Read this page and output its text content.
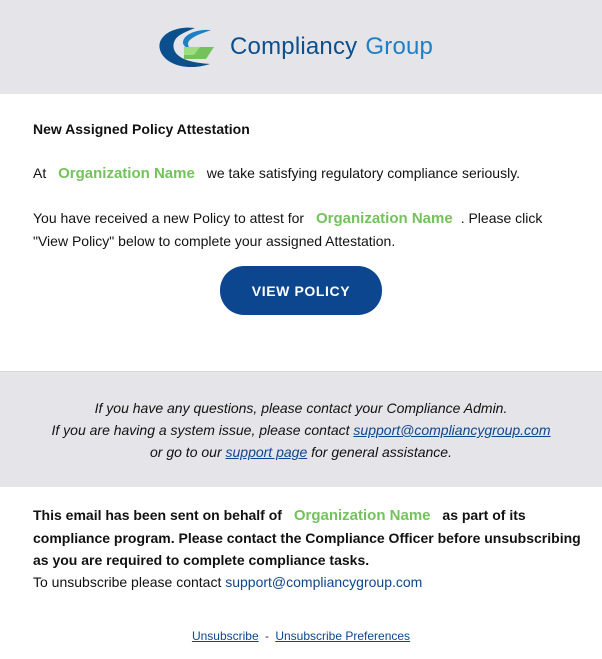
Compliancy Group
New Assigned Policy Attestation
At Organization Name we take satisfying regulatory compliance seriously.
You have received a new Policy to attest for Organization Name . Please click "View Policy" below to complete your assigned Attestation.
VIEW POLICY
If you have any questions, please contact your Compliance Admin.
If you are having a system issue, please contact support@compliancygroup.com
or go to our support page for general assistance.
This email has been sent on behalf of Organization Name as part of its compliance program. Please contact the Compliance Officer before unsubscribing as you are required to complete compliance tasks.
To unsubscribe please contact support@compliancygroup.com
Unsubscribe - Unsubscribe Preferences
